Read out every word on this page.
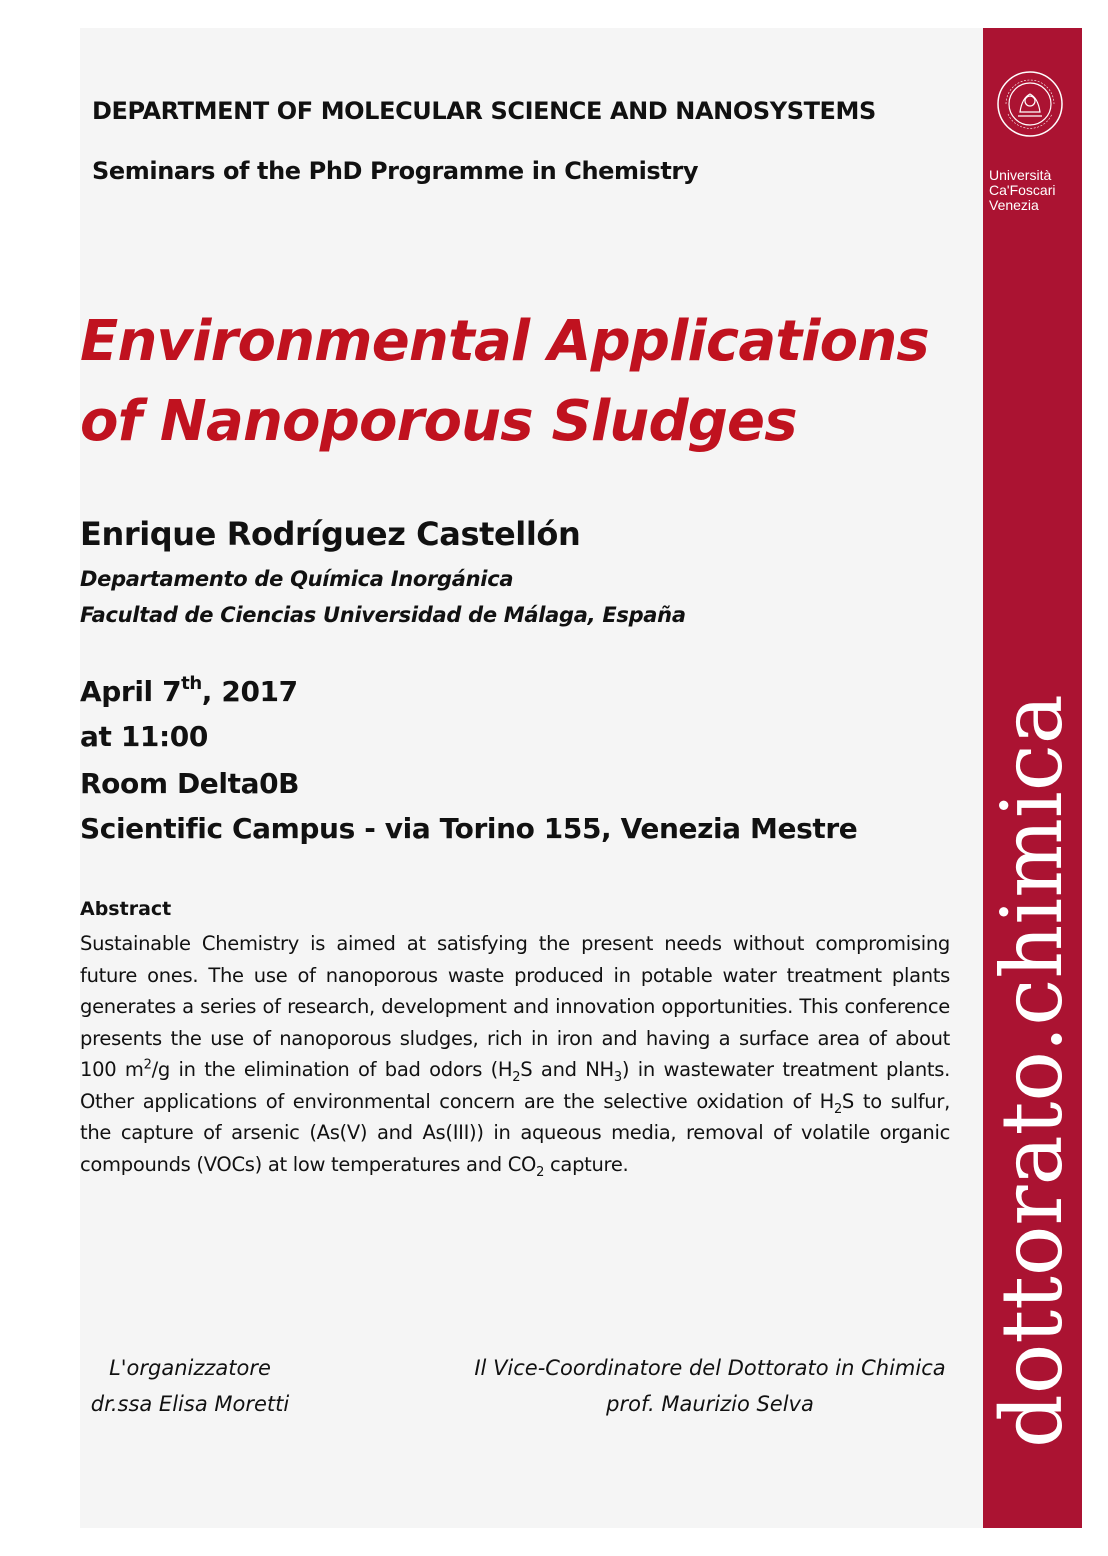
Università
Ca'Foscari
Venezia
dottorato.chimica
DEPARTMENT OF MOLECULAR SCIENCE AND NANOSYSTEMS
Seminars of the PhD Programme in Chemistry
Environmental Applications
of Nanoporous Sludges
Enrique Rodríguez Castellón
Departamento de Química Inorgánica
Facultad de Ciencias Universidad de Málaga, España
April 7th, 2017
at 11:00
Room Delta0B
Scientific Campus - via Torino 155, Venezia Mestre
Abstract
Sustainable Chemistry is aimed at satisfying the present needs without compromising future ones. The use of nanoporous waste produced in potable water treatment plants generates a series of research, development and innovation opportunities. This conference presents the use of nanoporous sludges, rich in iron and having a surface area of about 100 $m^2/g$ in the elimination of bad odors ($H_2S$ and $NH_3$) in wastewater treatment plants. Other applications of environmental concern are the selective oxidation of $H_2S$ to sulfur, the capture of arsenic (As(V) and As(III)) in aqueous media, removal of volatile organic compounds (VOCs) at low temperatures and $CO_2$ capture.
L'organizzatore
dr.ssa Elisa Moretti
Il Vice-Coordinatore del Dottorato in Chimica
prof. Maurizio Selva
